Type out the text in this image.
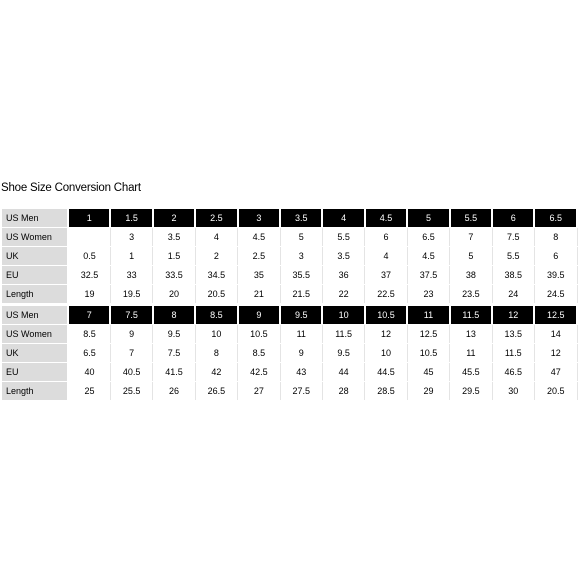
Shoe Size Conversion Chart
US Men	1	1.5	2	2.5	3	3.5	4	4.5	5	5.5	6	6.5
US Women		3	3.5	4	4.5	5	5.5	6	6.5	7	7.5	8
UK	0.5	1	1.5	2	2.5	3	3.5	4	4.5	5	5.5	6
EU	32.5	33	33.5	34.5	35	35.5	36	37	37.5	38	38.5	39.5
Length	19	19.5	20	20.5	21	21.5	22	22.5	23	23.5	24	24.5
US Men	7	7.5	8	8.5	9	9.5	10	10.5	11	11.5	12	12.5
US Women	8.5	9	9.5	10	10.5	11	11.5	12	12.5	13	13.5	14
UK	6.5	7	7.5	8	8.5	9	9.5	10	10.5	11	11.5	12
EU	40	40.5	41.5	42	42.5	43	44	44.5	45	45.5	46.5	47
Length	25	25.5	26	26.5	27	27.5	28	28.5	29	29.5	30	20.5
